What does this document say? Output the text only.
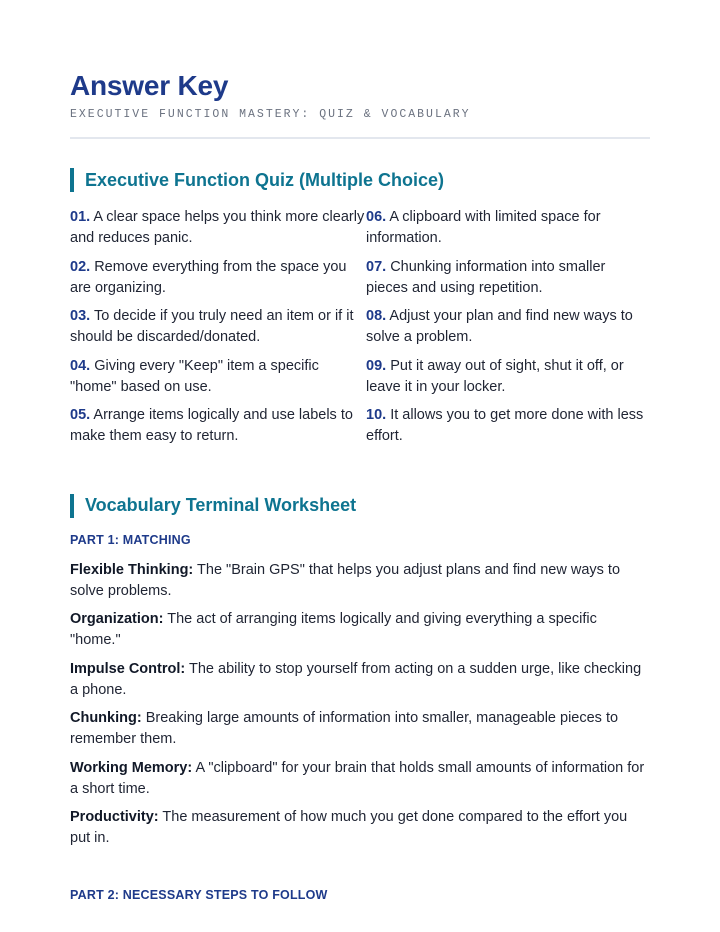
Answer Key
EXECUTIVE FUNCTION MASTERY: QUIZ & VOCABULARY
Executive Function Quiz (Multiple Choice)
01. A clear space helps you think more clearly and reduces panic.
02. Remove everything from the space you are organizing.
03. To decide if you truly need an item or if it should be discarded/donated.
04. Giving every "Keep" item a specific "home" based on use.
05. Arrange items logically and use labels to make them easy to return.
06. A clipboard with limited space for information.
07. Chunking information into smaller pieces and using repetition.
08. Adjust your plan and find new ways to solve a problem.
09. Put it away out of sight, shut it off, or leave it in your locker.
10. It allows you to get more done with less effort.
Vocabulary Terminal Worksheet
PART 1: MATCHING
Flexible Thinking: The "Brain GPS" that helps you adjust plans and find new ways to solve problems.
Organization: The act of arranging items logically and giving everything a specific "home."
Impulse Control: The ability to stop yourself from acting on a sudden urge, like checking a phone.
Chunking: Breaking large amounts of information into smaller, manageable pieces to remember them.
Working Memory: A "clipboard" for your brain that holds small amounts of information for a short time.
Productivity: The measurement of how much you get done compared to the effort you put in.
PART 2: NECESSARY STEPS TO FOLLOW
